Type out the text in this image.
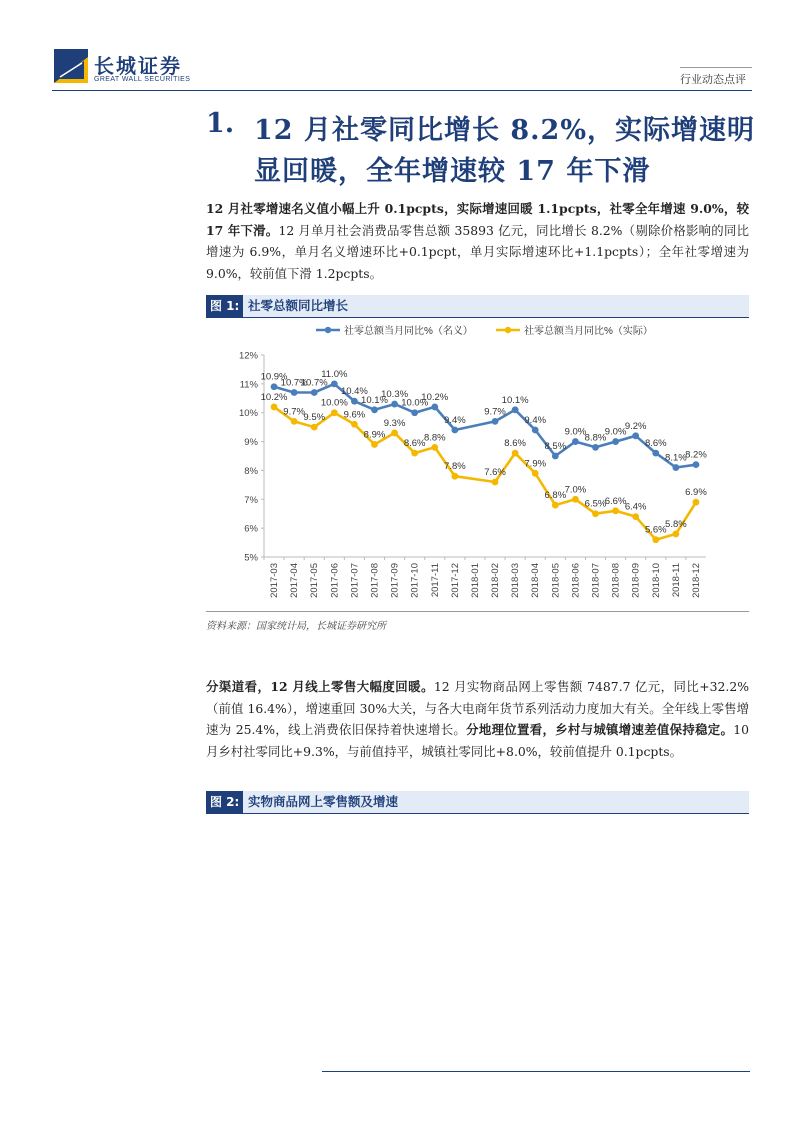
长城证券
GREAT WALL SECURITIES	行业动态点评
1. 12 月社零同比增长 8.2%，实际增速明
显回暖，全年增速较 17 年下滑
12 月社零增速名义值小幅上升 0.1pcpts，实际增速回暖 1.1pcpts，社零全年增速 9.0%，较 17 年下滑。12 月单月社会消费品零售总额 35893 亿元，同比增长 8.2%（剔除价格影响的同比增速为 6.9%，单月名义增速环比+0.1pcpt，单月实际增速环比+1.1pcpts）；全年社零增速为 9.0%，较前值下滑 1.2pcpts。
图 1: 社零总额同比增长
社零总额当月同比%（名义）	社零总额当月同比%（实际）
5%
6%
7%
8%
9%
10%
11%
12%
10.9%
10.7%
10.7%
11.0%
10.4%
10.1%
10.3%
10.0%
10.2%
9.4%
9.7%
10.1%
9.4%
8.5%
9.0%
8.8%
9.0%
9.2%
8.6%
8.1%
8.2%
10.2%
9.7%
9.5%
10.0%
9.6%
8.9%
9.3%
8.6%
8.8%
7.8%
7.6%
8.6%
7.9%
6.8%
7.0%
6.5%
6.6%
6.4%
5.6%
5.8%
6.9%
2017-03 2017-04 2017-05 2017-06 2017-07 2017-08 2017-09 2017-10 2017-11 2017-12 2018-01 2018-02 2018-03 2018-04 2018-05 2018-06 2018-07 2018-08 2018-09 2018-10 2018-11 2018-12
资料来源：国家统计局，长城证券研究所
分渠道看，12 月线上零售大幅度回暖。12 月实物商品网上零售额 7487.7 亿元，同比+32.2%（前值 16.4%），增速重回 30%大关，与各大电商年货节系列活动力度加大有关。全年线上零售增速为 25.4%，线上消费依旧保持着快速增长。分地理位置看，乡村与城镇增速差值保持稳定。10 月乡村社零同比+9.3%，与前值持平，城镇社零同比+8.0%，较前值提升 0.1pcpts。
图 2: 实物商品网上零售额及增速
